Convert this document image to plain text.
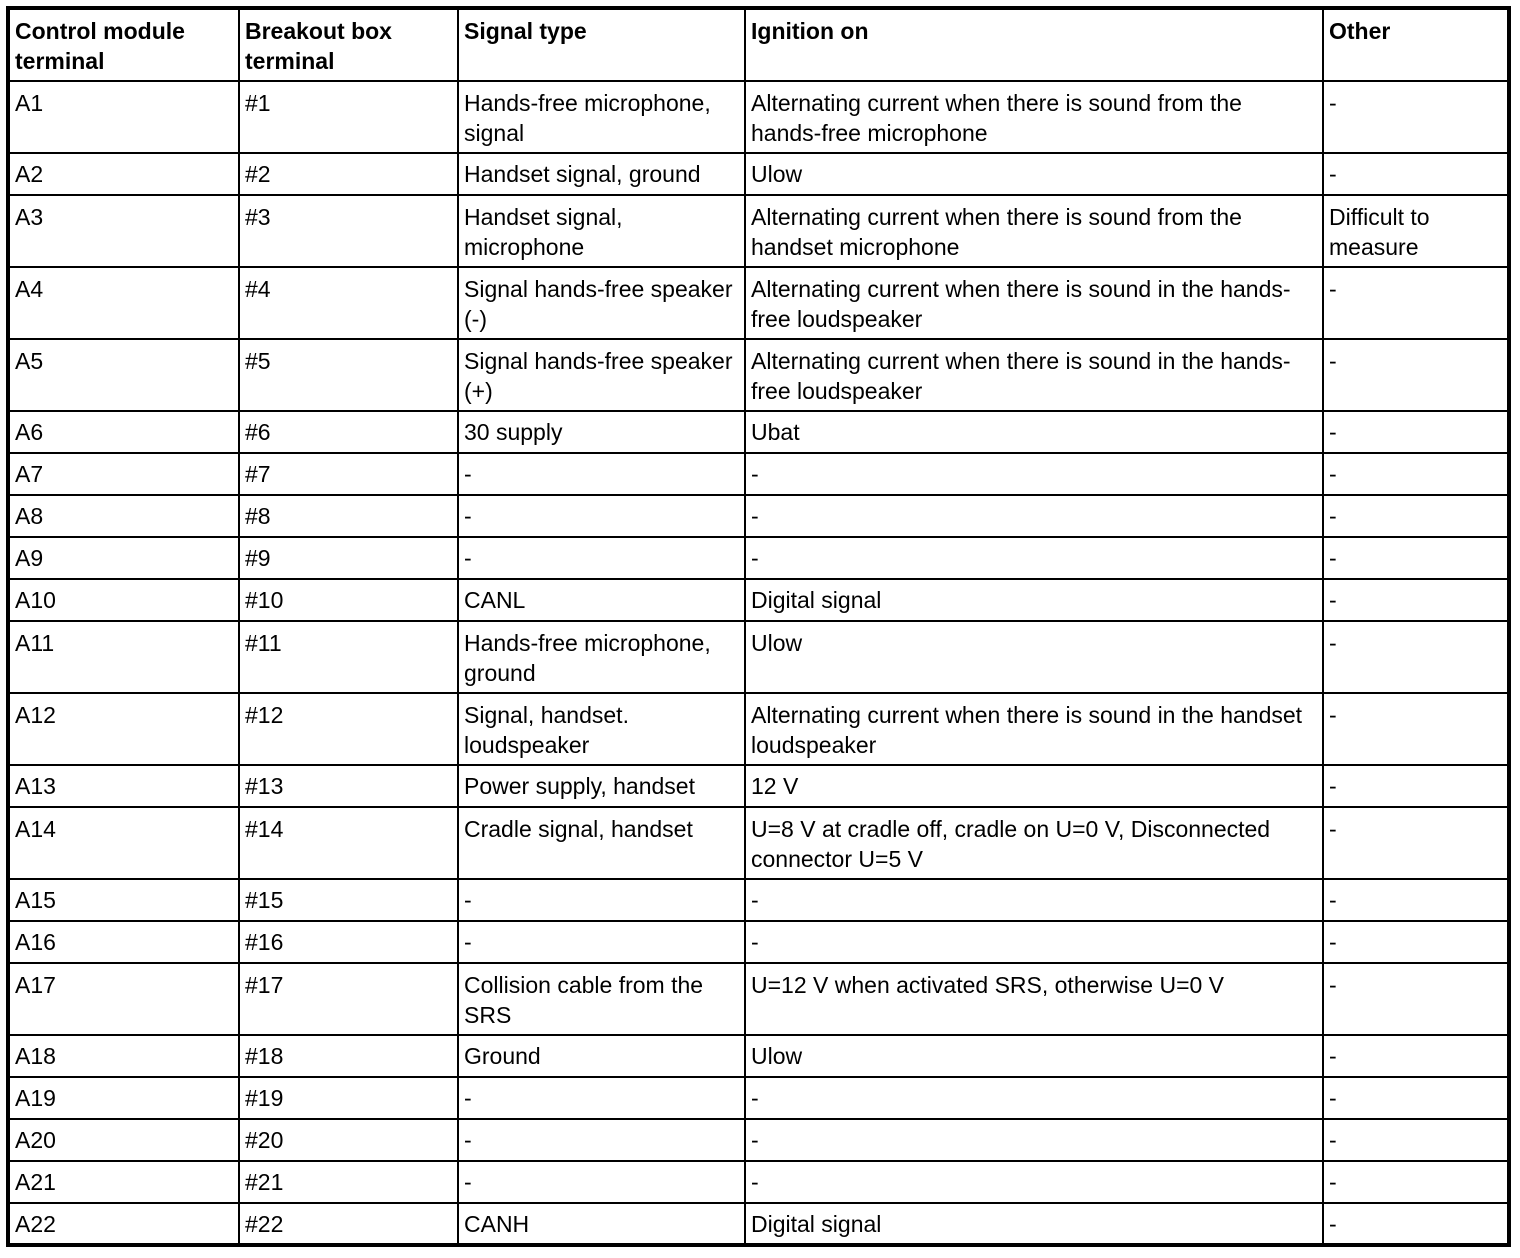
Control module terminal	Breakout box terminal	Signal type	Ignition on	Other
A1	#1	Hands-free microphone, signal	Alternating current when there is sound from the hands-free microphone	-
A2	#2	Handset signal, ground	Ulow	-
A3	#3	Handset signal, microphone	Alternating current when there is sound from the handset microphone	Difficult to measure
A4	#4	Signal hands-free speaker (-)	Alternating current when there is sound in the hands-free loudspeaker	-
A5	#5	Signal hands-free speaker (+)	Alternating current when there is sound in the hands-free loudspeaker	-
A6	#6	30 supply	Ubat	-
A7	#7	-	-	-
A8	#8	-	-	-
A9	#9	-	-	-
A10	#10	CANL	Digital signal	-
A11	#11	Hands-free microphone, ground	Ulow	-
A12	#12	Signal, handset. loudspeaker	Alternating current when there is sound in the handset loudspeaker	-
A13	#13	Power supply, handset	12 V	-
A14	#14	Cradle signal, handset	U=8 V at cradle off, cradle on U=0 V, Disconnected connector U=5 V	-
A15	#15	-	-	-
A16	#16	-	-	-
A17	#17	Collision cable from the SRS	U=12 V when activated SRS, otherwise U=0 V	-
A18	#18	Ground	Ulow	-
A19	#19	-	-	-
A20	#20	-	-	-
A21	#21	-	-	-
A22	#22	CANH	Digital signal	-
